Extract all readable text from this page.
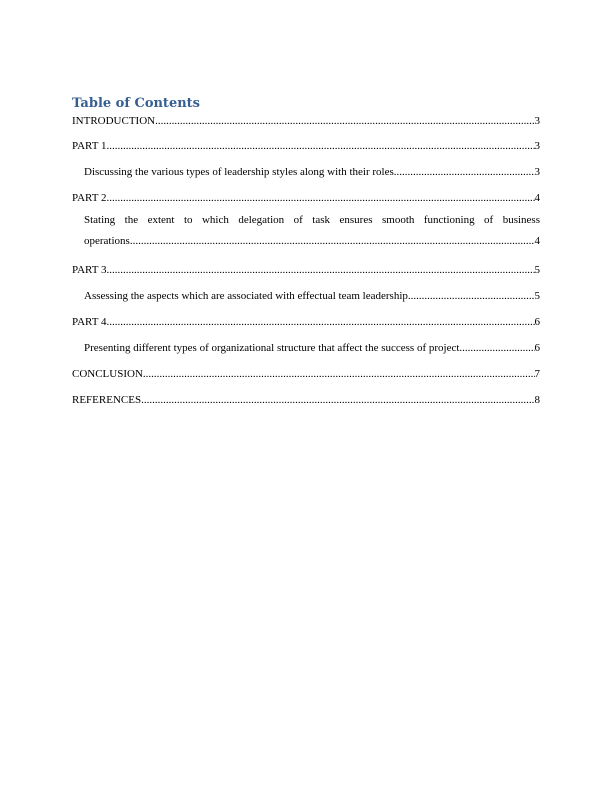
Table of Contents
INTRODUCTION .....	3
PART 1 .....	3
Discussing the various types of leadership styles along with their roles .....	3
PART 2 .....	4
Stating the extent to which delegation of task ensures smooth functioning of business
operations .....	4
PART 3 .....	5
Assessing the aspects which are associated with effectual team leadership .....	5
PART 4 .....	6
Presenting different types of organizational structure that affect the success of project. .....	6
CONCLUSION .....	7
REFERENCES .....	8
